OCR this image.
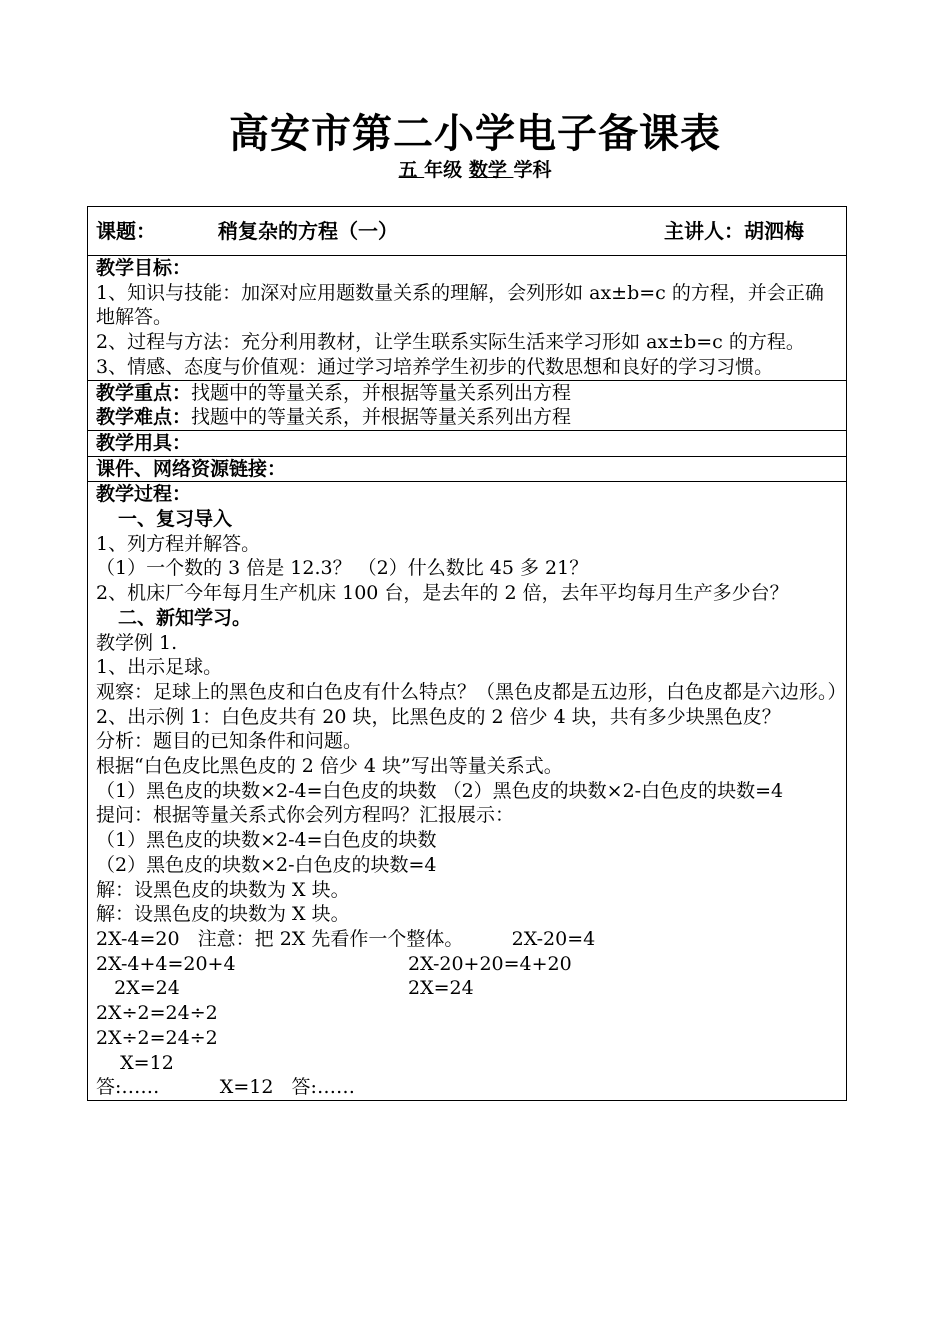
高安市第二小学电子备课表
五 年级 数学 学科
课题：	稍复杂的方程（一）	主讲人：胡泗梅
教学目标：
1、知识与技能：加深对应用题数量关系的理解，会列形如 ax±b=c 的方程，并会正确地解答。
2、过程与方法：充分利用教材，让学生联系实际生活来学习形如 ax±b=c 的方程。
3、情感、态度与价值观：通过学习培养学生初步的代数思想和良好的学习习惯。
教学重点：找题中的等量关系，并根据等量关系列出方程
教学难点：找题中的等量关系，并根据等量关系列出方程
教学用具：
课件、网络资源链接：
教学过程：
一、复习导入
1、列方程并解答。
（1）一个数的 3 倍是 12.3？ （2）什么数比 45 多 21？
2、机床厂今年每月生产机床 100 台，是去年的 2 倍，去年平均每月生产多少台？
二、新知学习。
教学例 1.
1、出示足球。
观察：足球上的黑色皮和白色皮有什么特点？（黑色皮都是五边形，白色皮都是六边形。）
2、出示例 1：白色皮共有 20 块，比黑色皮的 2 倍少 4 块，共有多少块黑色皮？
分析：题目的已知条件和问题。
根据“白色皮比黑色皮的 2 倍少 4 块”写出等量关系式。
（1）黑色皮的块数×2-4=白色皮的块数 （2）黑色皮的块数×2-白色皮的块数=4
提问：根据等量关系式你会列方程吗？汇报展示：
（1）黑色皮的块数×2-4=白色皮的块数
（2）黑色皮的块数×2-白色皮的块数=4
解：设黑色皮的块数为 X 块。
解：设黑色皮的块数为 X 块。
2X-4=20   注意：把 2X 先看作一个整体。        2X-20=4
2X-4+4=20+4	2X-20+20=4+20
2X=24	2X=24
2X÷2=24÷2
2X÷2=24÷2
X=12
答:……          X=12   答:……
